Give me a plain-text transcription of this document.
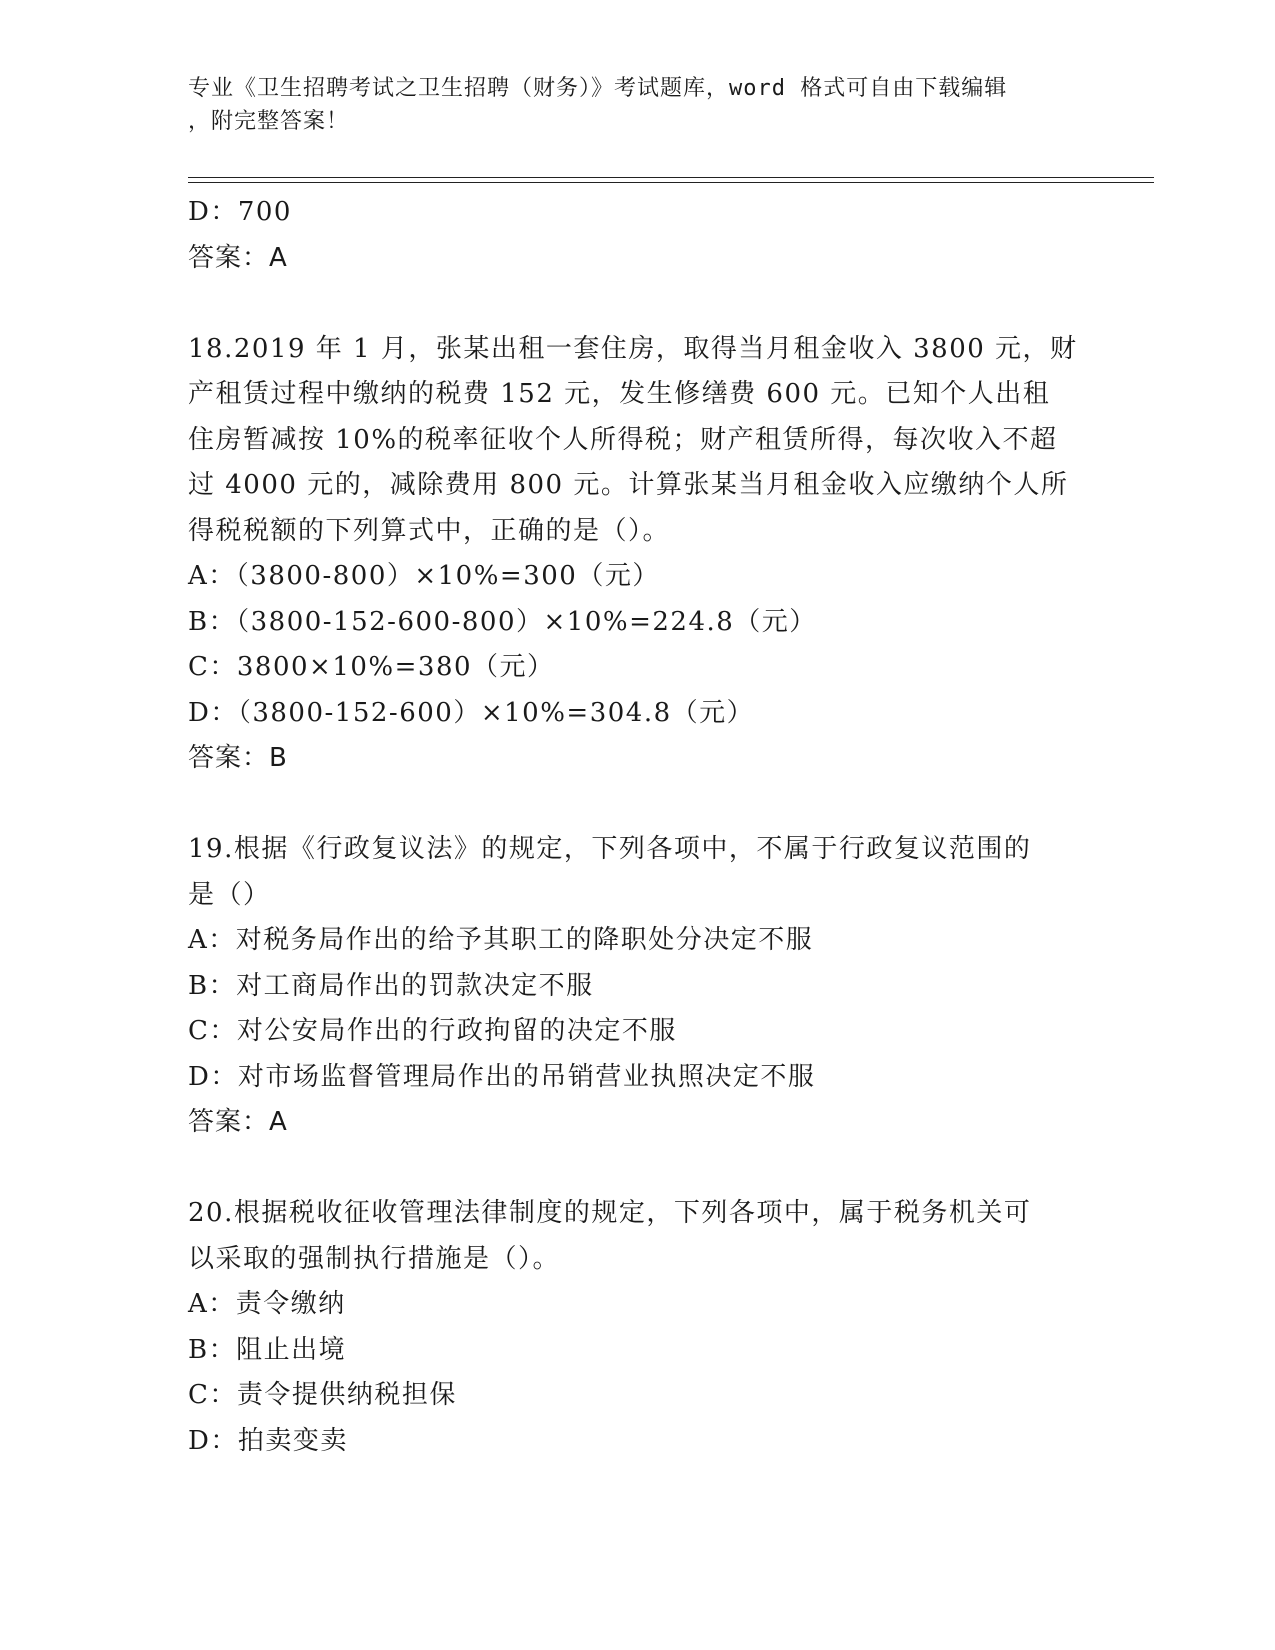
专业《卫生招聘考试之卫生招聘（财务）》考试题库，word 格式可自由下载编辑
，附完整答案！
D：700
答案：A
18.2019 年 1 月，张某出租一套住房，取得当月租金收入 3800 元，财
产租赁过程中缴纳的税费 152 元，发生修缮费 600 元。已知个人出租
住房暂减按 10%的税率征收个人所得税；财产租赁所得，每次收入不超
过 4000 元的，减除费用 800 元。计算张某当月租金收入应缴纳个人所
得税税额的下列算式中，正确的是（）。
A：（3800-800）×10%=300（元）
B：（3800-152-600-800）×10%=224.8（元）
C：3800×10%=380（元）
D：（3800-152-600）×10%=304.8（元）
答案：B
19.根据《行政复议法》的规定，下列各项中，不属于行政复议范围的
是（）
A：对税务局作出的给予其职工的降职处分决定不服
B：对工商局作出的罚款决定不服
C：对公安局作出的行政拘留的决定不服
D：对市场监督管理局作出的吊销营业执照决定不服
答案：A
20.根据税收征收管理法律制度的规定，下列各项中，属于税务机关可
以采取的强制执行措施是（）。
A：责令缴纳
B：阻止出境
C：责令提供纳税担保
D：拍卖变卖
